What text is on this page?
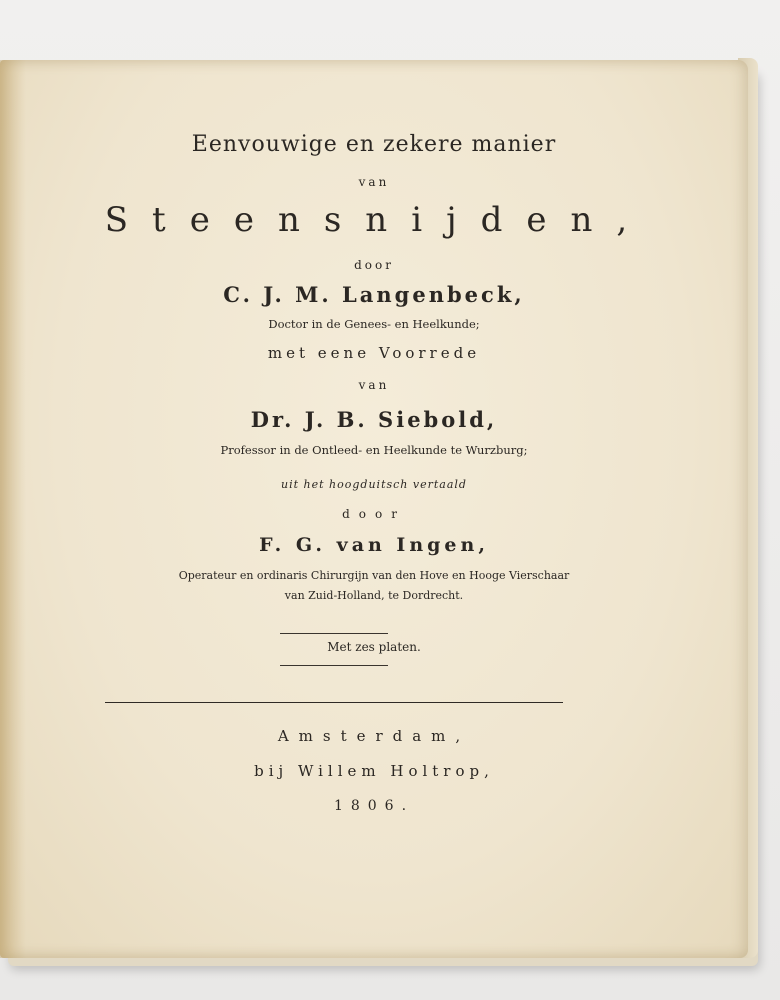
Eenvouwige en zekere manier
van
Steensnijden,
door
C. J. M. Langenbeck,
Doctor in de Genees- en Heelkunde;
met eene Voorrede
van
Dr. J. B. Siebold,
Professor in de Ontleed- en Heelkunde te Wurzburg;
uit het hoogduitsch vertaald
door
F. G. van Ingen,
Operateur en ordinaris Chirurgijn van den Hove en Hooge Vierschaar
van Zuid-Holland, te Dordrecht.
Met zes platen.
Amsterdam,
bij Willem Holtrop,
1806.
